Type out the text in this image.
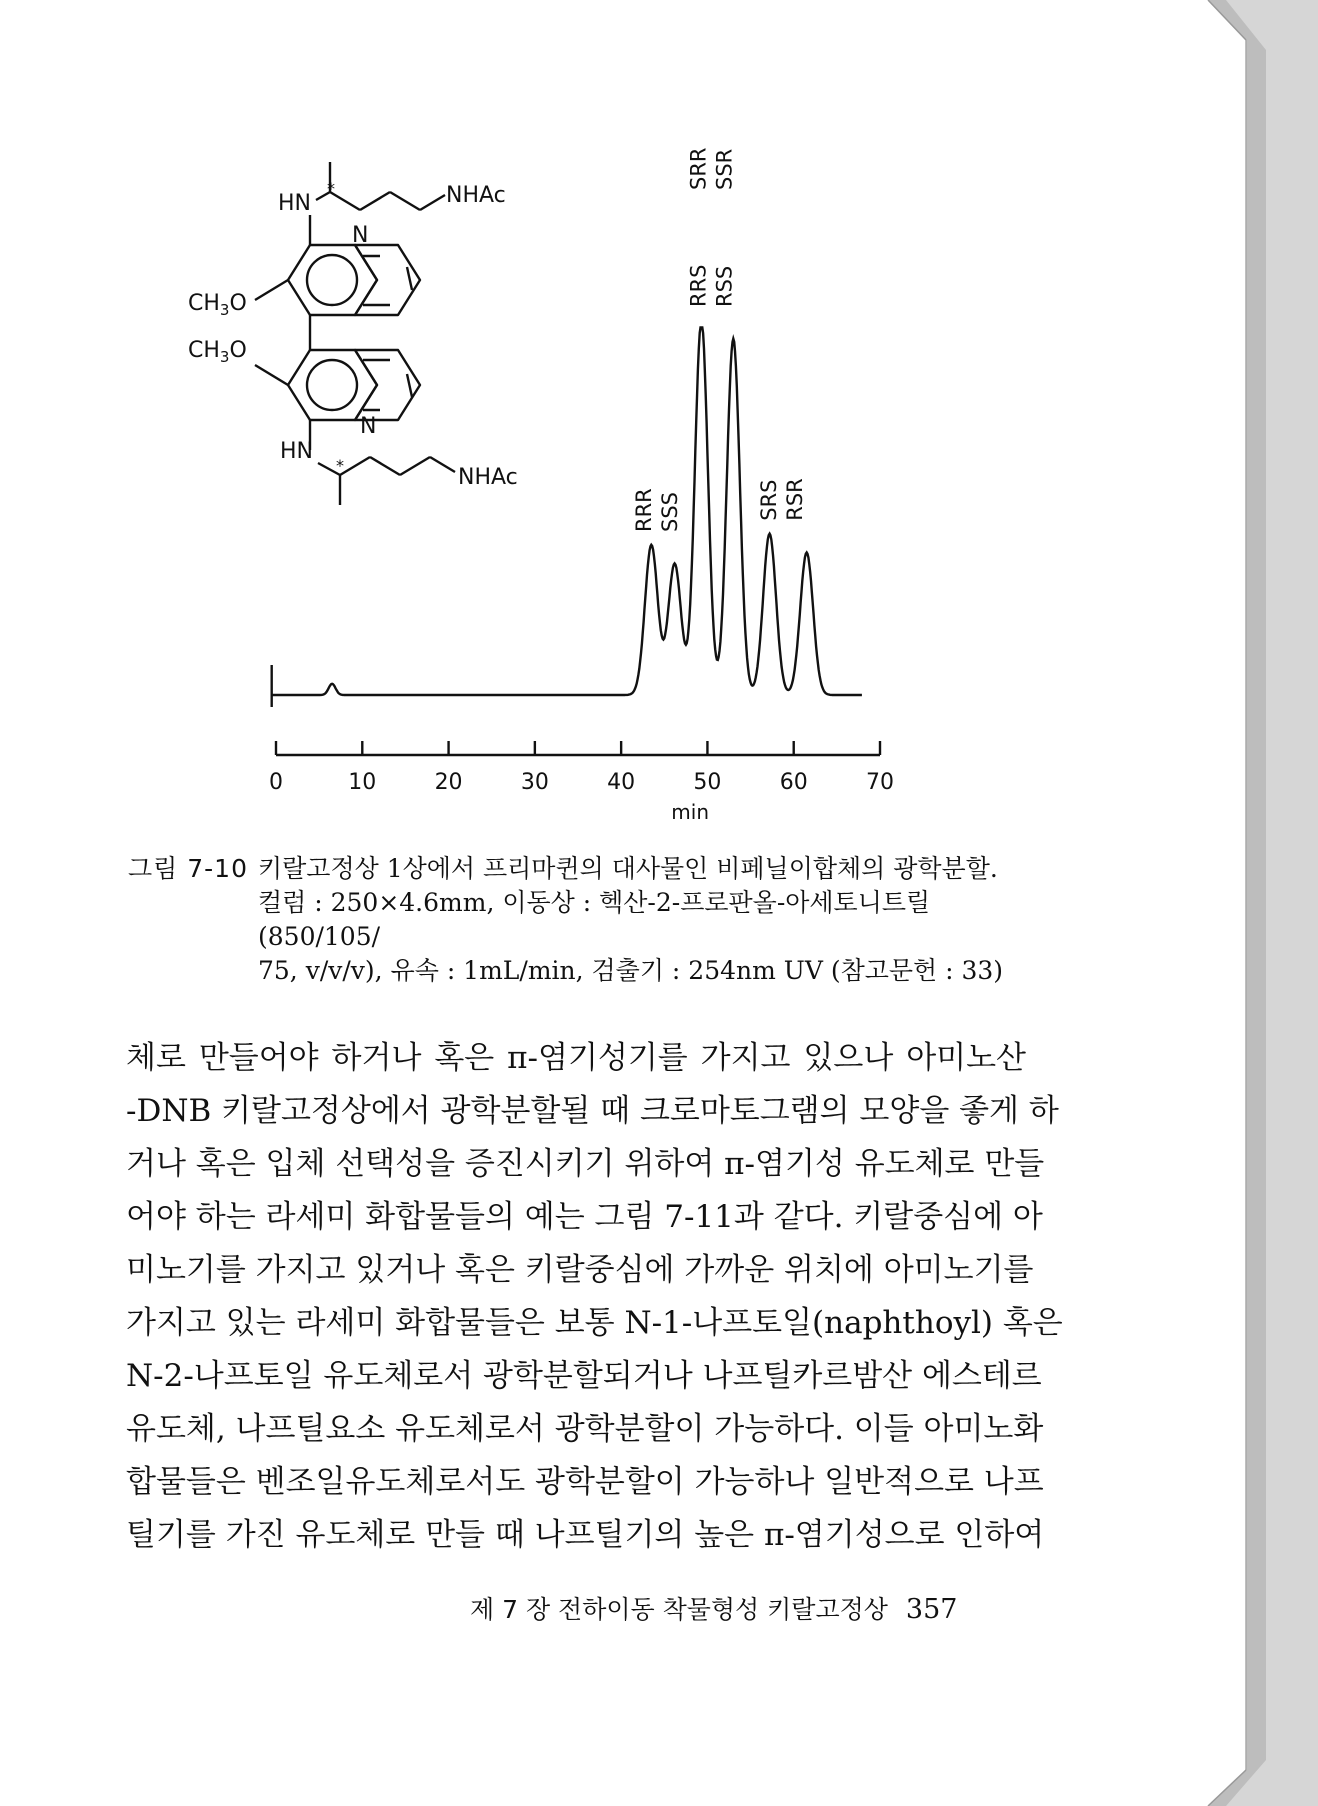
HN
*	NHAc
N
$CH_3O$
$CH_3O$
N
HN
*	NHAc
0	10	20	30	40	50	60	70
min
RRR SSS
RRS RSS
SRR SSR
SRS RSR
그림 7-10 키랄고정상 1상에서 프리마퀸의 대사물인 비페닐이합체의 광학분할.
컬럼 : 250×4.6mm, 이동상 : 헥산-2-프로판올-아세토니트릴 (850/105/
75, v/v/v), 유속 : 1mL/min, 검출기 : 254nm UV (참고문헌 : 33)
체로 만들어야 하거나 혹은 π-염기성기를 가지고 있으나 아미노산
-DNB 키랄고정상에서 광학분할될 때 크로마토그램의 모양을 좋게 하
거나 혹은 입체 선택성을 증진시키기 위하여 π-염기성 유도체로 만들
어야 하는 라세미 화합물들의 예는 그림 7-11과 같다. 키랄중심에 아
미노기를 가지고 있거나 혹은 키랄중심에 가까운 위치에 아미노기를
가지고 있는 라세미 화합물들은 보통 N-1-나프토일(naphthoyl) 혹은
N-2-나프토일 유도체로서 광학분할되거나 나프틸카르밤산 에스테르
유도체, 나프틸요소 유도체로서 광학분할이 가능하다. 이들 아미노화
합물들은 벤조일유도체로서도 광학분할이 가능하나 일반적으로 나프
틸기를 가진 유도체로 만들 때 나프틸기의 높은 π-염기성으로 인하여
제 7 장 전하이동 착물형성 키랄고정상 357
